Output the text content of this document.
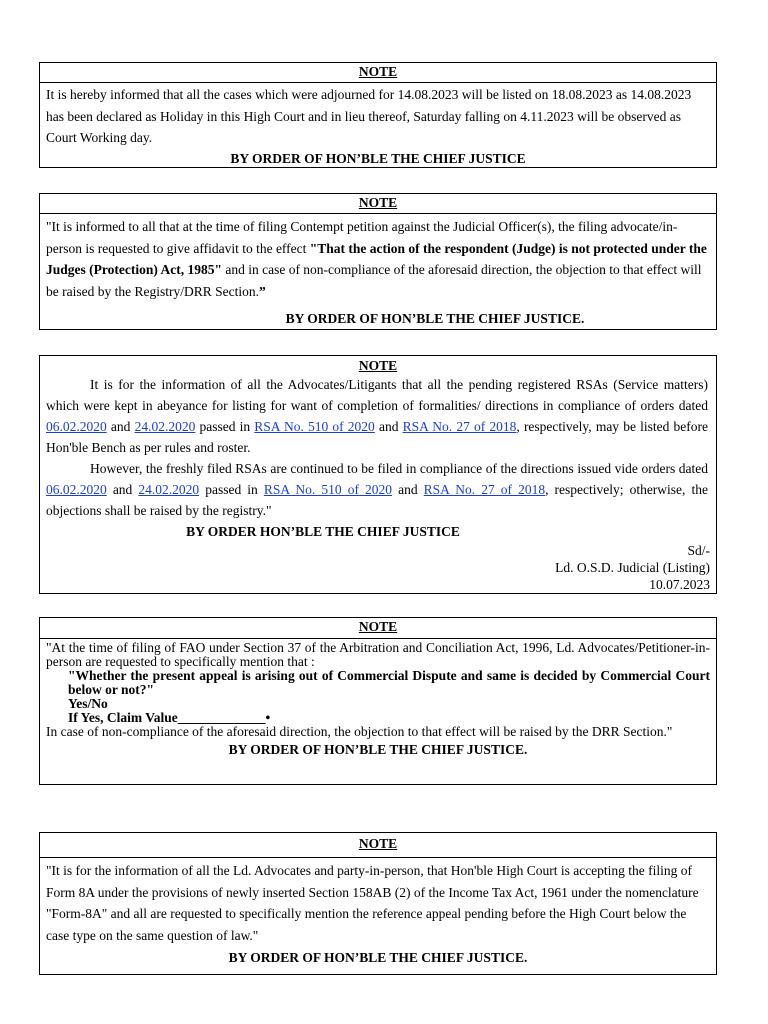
NOTE
It is hereby informed that all the cases which were adjourned for 14.08.2023 will be listed on 18.08.2023 as 14.08.2023 has been declared as Holiday in this High Court and in lieu thereof, Saturday falling on 4.11.2023 will be observed as Court Working day.
BY ORDER OF HON’BLE THE CHIEF JUSTICE
NOTE
"It is informed to all that at the time of filing Contempt petition against the Judicial Officer(s), the filing advocate/in-person is requested to give affidavit to the effect "That the action of the respondent (Judge) is not protected under the Judges (Protection) Act, 1985" and in case of non-compliance of the aforesaid direction, the objection to that effect will be raised by the Registry/DRR Section.”
BY ORDER OF HON’BLE THE CHIEF JUSTICE.
NOTE
It is for the information of all the Advocates/Litigants that all the pending registered RSAs (Service matters) which were kept in abeyance for listing for want of completion of formalities/ directions in compliance of orders dated 06.02.2020 and 24.02.2020 passed in RSA No. 510 of 2020 and RSA No. 27 of 2018, respectively, may be listed before Hon'ble Bench as per rules and roster.
However, the freshly filed RSAs are continued to be filed in compliance of the directions issued vide orders dated 06.02.2020 and 24.02.2020 passed in RSA No. 510 of 2020 and RSA No. 27 of 2018, respectively; otherwise, the objections shall be raised by the registry."
BY ORDER HON’BLE THE CHIEF JUSTICE
Sd/-
Ld. O.S.D. Judicial (Listing)
10.07.2023
NOTE
"At the time of filing of FAO under Section 37 of the Arbitration and Conciliation Act, 1996, Ld. Advocates/Petitioner-in-person are requested to specifically mention that :
"Whether the present appeal is arising out of Commercial Dispute and same is decided by Commercial Court below or not?"
Yes/No
If Yes, Claim Value_____________•
In case of non-compliance of the aforesaid direction, the objection to that effect will be raised by the DRR Section."
BY ORDER OF HON’BLE THE CHIEF JUSTICE.
NOTE
"It is for the information of all the Ld. Advocates and party-in-person, that Hon'ble High Court is accepting the filing of Form 8A under the provisions of newly inserted Section 158AB (2) of the Income Tax Act, 1961 under the nomenclature "Form-8A" and all are requested to specifically mention the reference appeal pending before the High Court below the case type on the same question of law."
BY ORDER OF HON’BLE THE CHIEF JUSTICE.
